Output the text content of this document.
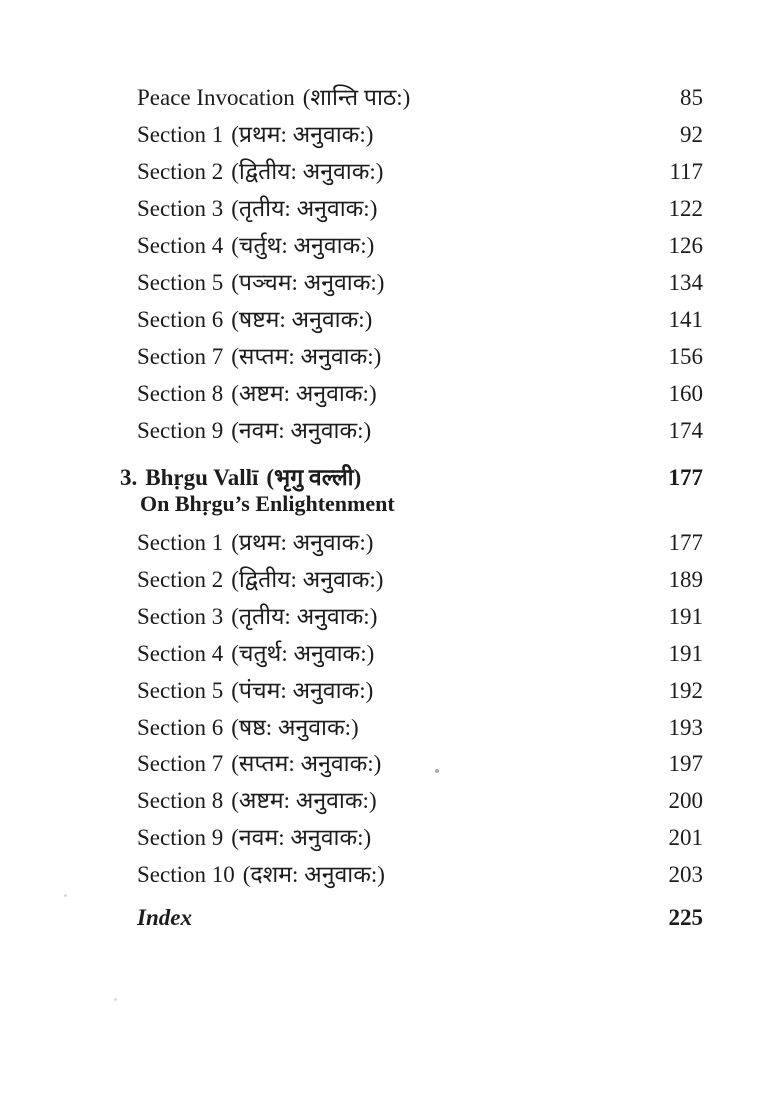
Peace Invocation (शान्ति पाठ:)	85
Section 1 (प्रथम: अनुवाक:)	92
Section 2 (द्वितीय: अनुवाक:)	117
Section 3 (तृतीय: अनुवाक:)	122
Section 4 (चर्तुथ: अनुवाक:)	126
Section 5 (पञ्चम: अनुवाक:)	134
Section 6 (षष्टम: अनुवाक:)	141
Section 7 (सप्तम: अनुवाक:)	156
Section 8 (अष्टम: अनुवाक:)	160
Section 9 (नवम: अनुवाक:)	174
3. Bhṛgu Vallī (भृगु वल्ली)	177
On Bhṛgu’s Enlightenment
Section 1 (प्रथम: अनुवाक:)	177
Section 2 (द्वितीय: अनुवाक:)	189
Section 3 (तृतीय: अनुवाक:)	191
Section 4 (चतुर्थ: अनुवाक:)	191
Section 5 (पंचम: अनुवाक:)	192
Section 6 (षष्ठ: अनुवाक:)	193
Section 7 (सप्तम: अनुवाक:)	197
Section 8 (अष्टम: अनुवाक:)	200
Section 9 (नवम: अनुवाक:)	201
Section 10 (दशम: अनुवाक:)	203
Index	225
